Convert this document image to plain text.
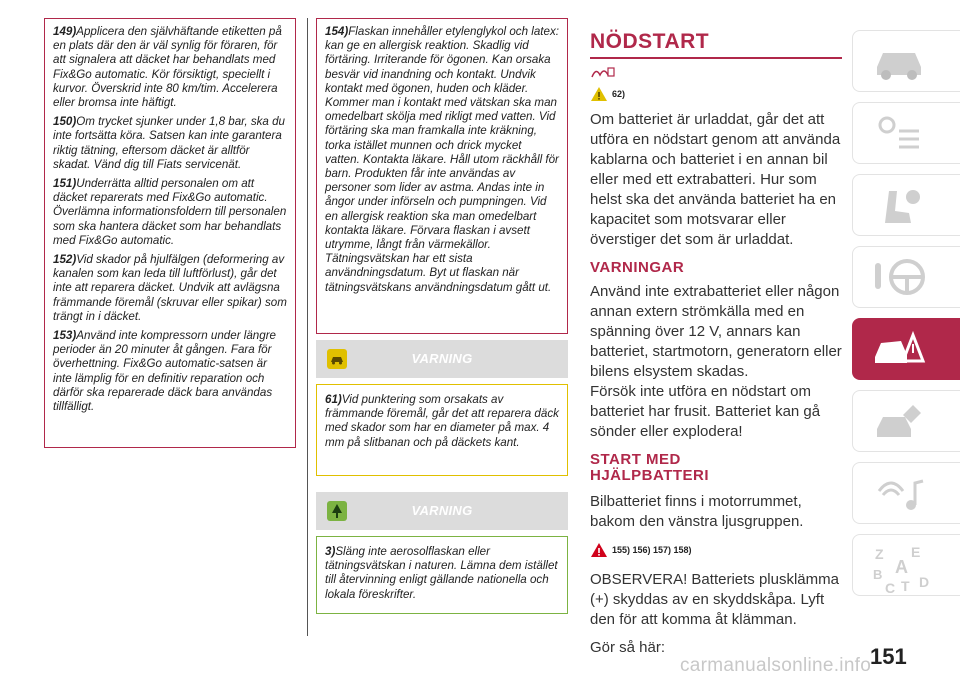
149)Applicera den självhäftande etiketten på en plats där den är väl synlig för föraren, för att signalera att däcket har behandlats med Fix&Go automatic. Kör försiktigt, speciellt i kurvor. Överskrid inte 80 km/tim. Accelerera eller bromsa inte häftigt.

150)Om trycket sjunker under 1,8 bar, ska du inte fortsätta köra. Satsen kan inte garantera riktig tätning, eftersom däcket är alltför skadat. Vänd dig till Fiats servicenät.

151)Underrätta alltid personalen om att däcket reparerats med Fix&Go automatic. Överlämna informationsfoldern till personalen som ska hantera däcket som har behandlats med Fix&Go automatic.

152)Vid skador på hjulfälgen (deformering av kanalen som kan leda till luftförlust), går det inte att reparera däcket. Undvik att avlägsna främmande föremål (skruvar eller spikar) som trängt in i däcket.

153)Använd inte kompressorn under längre perioder än 20 minuter åt gången. Fara för överhettning. Fix&Go automatic-satsen är inte lämplig för en definitiv reparation och därför ska reparerade däck bara användas tillfälligt.

154)Flaskan innehåller etylenglykol och latex: kan ge en allergisk reaktion. Skadlig vid förtäring. Irriterande för ögonen. Kan orsaka besvär vid inandning och kontakt. Undvik kontakt med ögonen, huden och kläder. Kommer man i kontakt med vätskan ska man omedelbart skölja med rikligt med vatten. Vid förtäring ska man framkalla inte kräkning, torka istället munnen och drick mycket vatten. Kontakta läkare. Håll utom räckhåll för barn. Produkten får inte användas av personer som lider av astma. Andas inte in ångor under införseln och pumpningen. Vid en allergisk reaktion ska man omedelbart kontakta läkare. Förvara flaskan i avsett utrymme, långt från värmekällor. Tätningsvätskan har ett sista användningsdatum. Byt ut flaskan när tätningsvätskans användningsdatum gått ut.

VARNING

61)Vid punktering som orsakats av främmande föremål, går det att reparera däck med skador som har en diameter på max. 4 mm på slitbanan och på däckets kant.

VARNING

3)Släng inte aerosolflaskan eller tätningsvätskan i naturen. Lämna dem istället till återvinning enligt gällande nationella och lokala föreskrifter.

NÖDSTART
62)
Om batteriet är urladdat, går det att utföra en nödstart genom att använda kablarna och batteriet i en annan bil eller med ett extrabatteri. Hur som helst ska det använda batteriet ha en kapacitet som motsvarar eller överstiger det som är urladdat.
VARNINGAR
Använd inte extrabatteriet eller någon annan extern strömkälla med en spänning över 12 V, annars kan batteriet, startmotorn, generatorn eller bilens elsystem skadas.
Försök inte utföra en nödstart om batteriet har frusit. Batteriet kan gå sönder eller explodera!
START MED
HJÄLPBATTERI
Bilbatteriet finns i motorrummet, bakom den vänstra ljusgruppen.
155) 156) 157) 158)
OBSERVERA! Batteriets plusklämma (+) skyddas av en skyddskåpa. Lyft den för att komma åt klämman.
Gör så här:
Z E
A
B
C T D
151
carmanualsonline.info
